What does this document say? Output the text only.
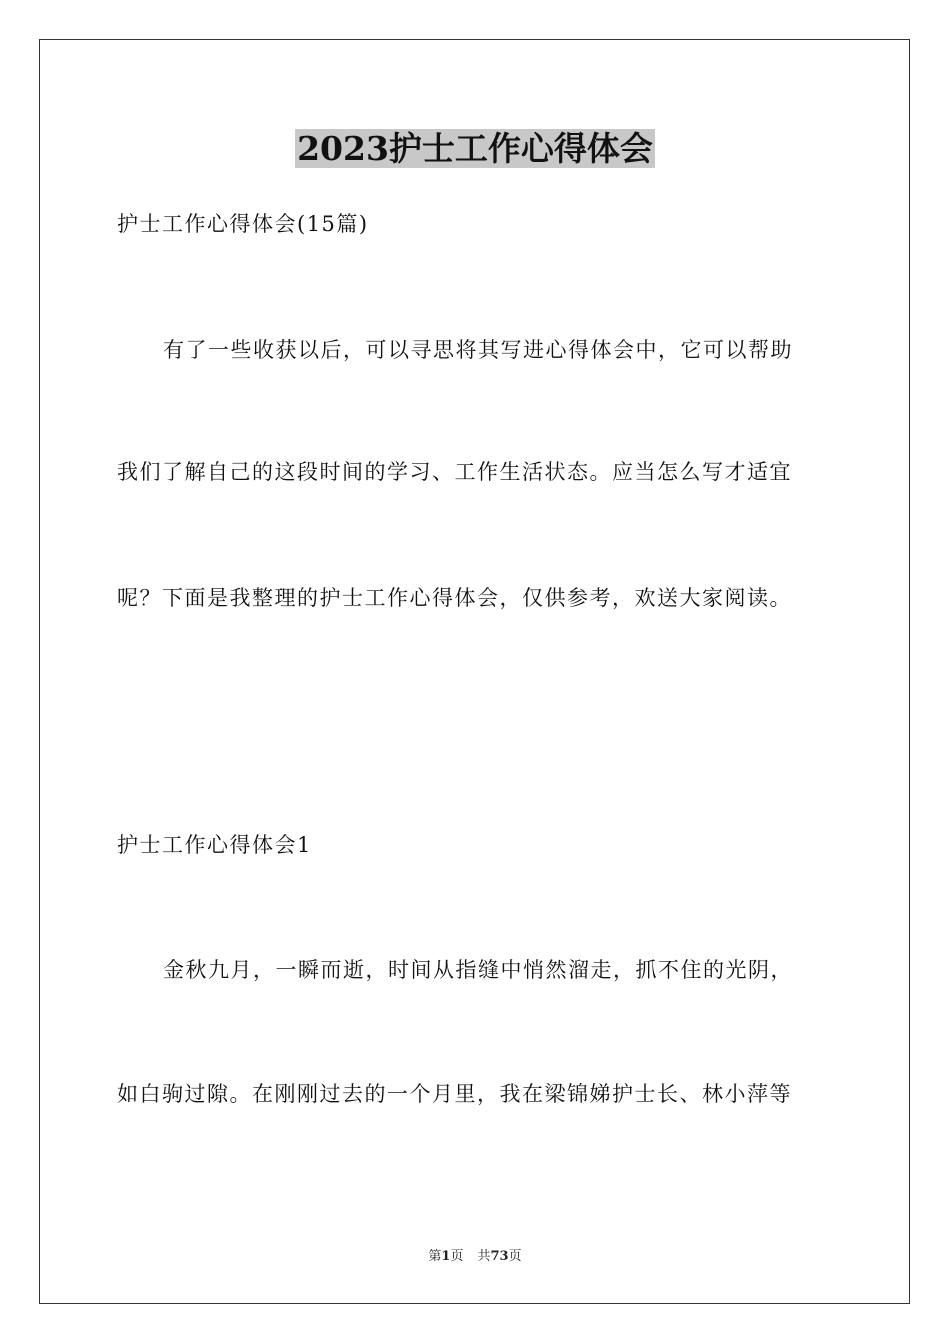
2023护士工作心得体会
护士工作心得体会(15篇)
有了一些收获以后，可以寻思将其写进心得体会中，它可以帮助
我们了解自己的这段时间的学习、工作生活状态。应当怎么写才适宜
呢？下面是我整理的护士工作心得体会，仅供参考，欢送大家阅读。
护士工作心得体会1
金秋九月，一瞬而逝，时间从指缝中悄然溜走，抓不住的光阴，
如白驹过隙。在刚刚过去的一个月里，我在梁锦娣护士长、林小萍等
第1页 共73页
